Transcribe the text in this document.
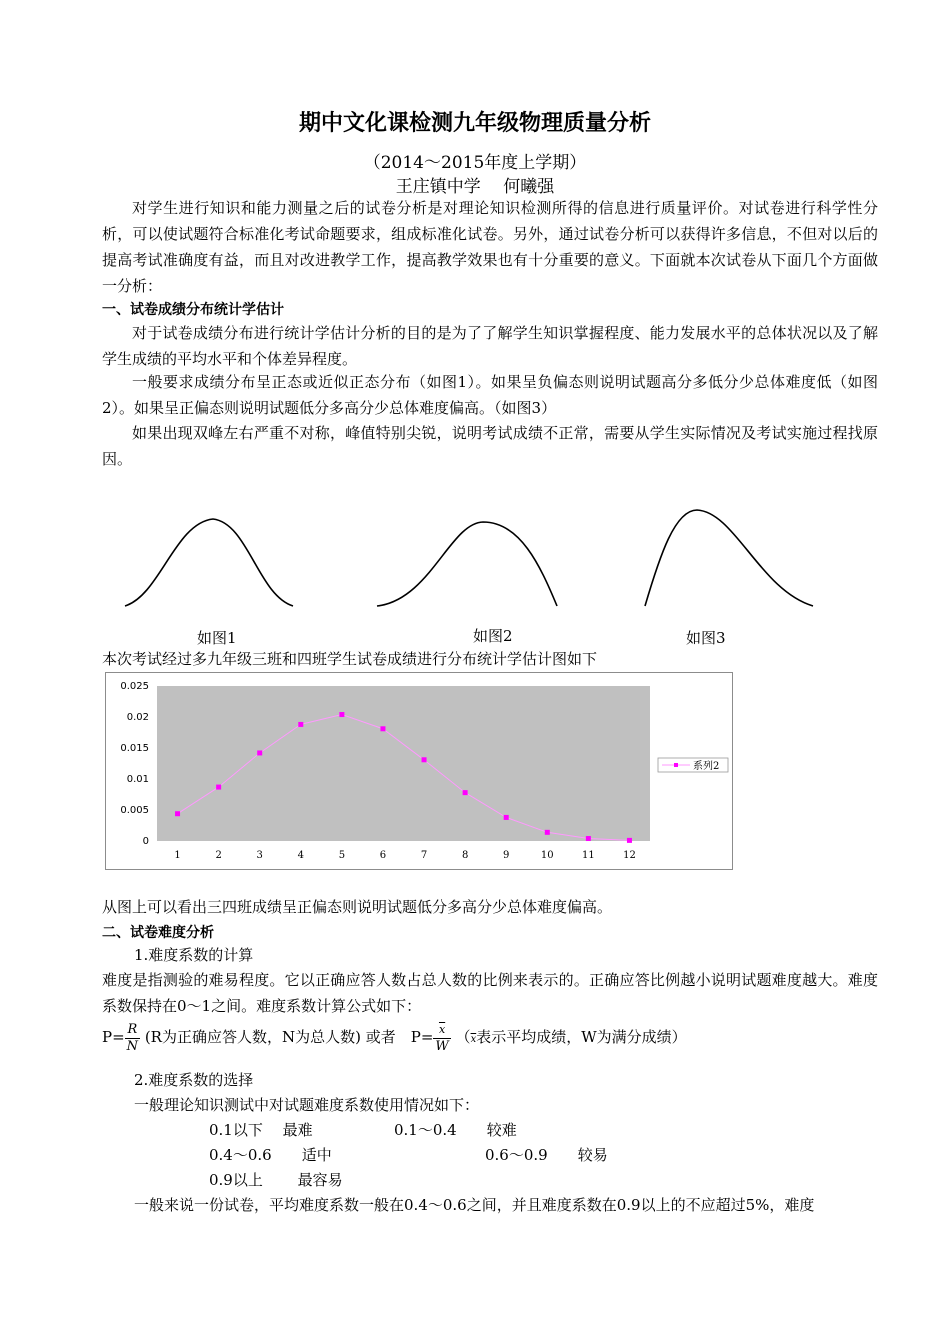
期中文化课检测九年级物理质量分析
（2014～2015年度上学期）
王庄镇中学　 何曦强
对学生进行知识和能力测量之后的试卷分析是对理论知识检测所得的信息进行质量评价。对试卷进行科学性分析，可以使试题符合标准化考试命题要求，组成标准化试卷。另外，通过试卷分析可以获得许多信息，不但对以后的提高考试准确度有益，而且对改进教学工作，提高教学效果也有十分重要的意义。下面就本次试卷从下面几个方面做一分析：
一、试卷成绩分布统计学估计
对于试卷成绩分布进行统计学估计分析的目的是为了了解学生知识掌握程度、能力发展水平的总体状况以及了解学生成绩的平均水平和个体差异程度。
一般要求成绩分布呈正态或近似正态分布（如图1）。如果呈负偏态则说明试题高分多低分少总体难度低（如图2）。如果呈正偏态则说明试题低分多高分少总体难度偏高。（如图3）
如果出现双峰左右严重不对称，峰值特别尖锐，说明考试成绩不正常，需要从学生实际情况及考试实施过程找原因。
如图1	如图2	如图3
本次考试经过多九年级三班和四班学生试卷成绩进行分布统计学估计图如下
0.025
0.02
0.015
0.01
0.005
0
1	2	3	4	5	6	7	8	9	10	11	12
系列2
从图上可以看出三四班成绩呈正偏态则说明试题低分多高分少总体难度偏高。
二、试卷难度分析
1.难度系数的计算
难度是指测验的难易程度。它以正确应答人数占总人数的比例来表示的。正确应答比例越小说明试题难度越大。难度系数保持在0～1之间。难度系数计算公式如下：
$P= \frac{R}{N} (R$为正确应答人数，N为总人数) 或者　$P= \frac{\overline{x}}{W} (\overline{x}$表示平均成绩，W为满分成绩）
2.难度系数的选择
一般理论知识测试中对试题难度系数使用情况如下：
0.1以下　 最难	0.1～0.4　　较难
0.4～0.6　　适中	0.6～0.9　　较易
0.9以上　　 最容易
一般来说一份试卷，平均难度系数一般在0.4～0.6之间，并且难度系数在0.9以上的不应超过5%，难度
